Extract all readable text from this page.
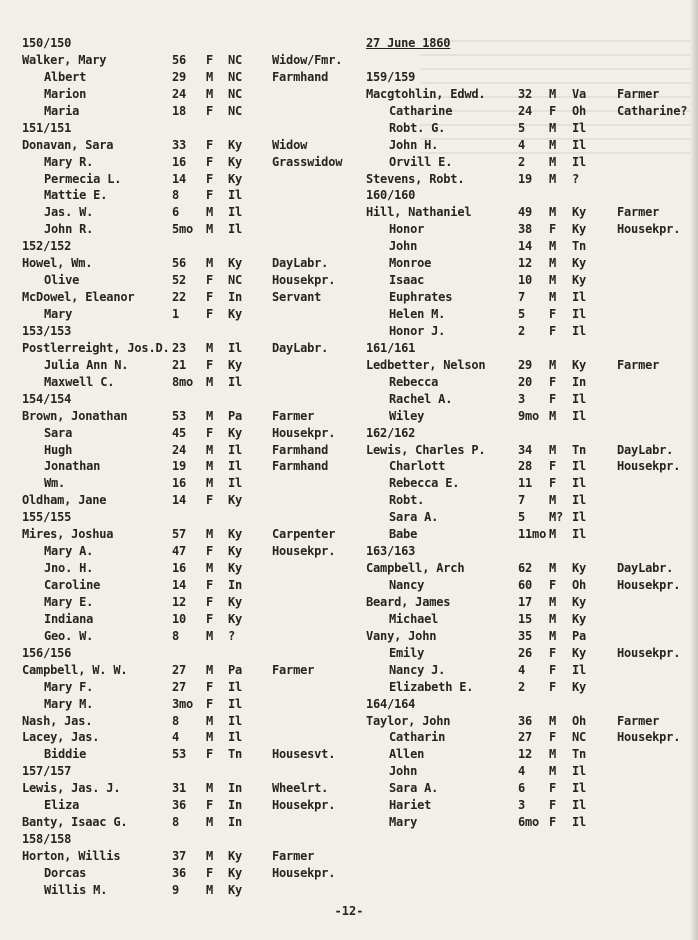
150/150
Walker, Mary	56 F NC Widow/Fmr.
Albert	29 M NC Farmhand
Marion	24 M NC
Maria	18 F NC
151/151
Donavan, Sara	33 F Ky Widow
Mary R.	16 F Ky Grasswidow
Permecia L.	14 F Ky
Mattie E.	8 F Il
Jas. W.	6 M Il
John R.	5mo M Il
152/152
Howel, Wm.	56 M Ky DayLabr.
Olive	52 F NC Housekpr.
McDowel, Eleanor	22 F In Servant
Mary	1 F Ky
153/153
Postlerreight, Jos.D. 23 M Il DayLabr.
Julia Ann N.	21 F Ky
Maxwell C.	8mo M Il
154/154
Brown, Jonathan	53 M Pa Farmer
Sara	45 F Ky Housekpr.
Hugh	24 M Il Farmhand
Jonathan	19 M Il Farmhand
Wm.	16 M Il
Oldham, Jane	14 F Ky
155/155
Mires, Joshua	57 M Ky Carpenter
Mary A.	47 F Ky Housekpr.
Jno. H.	16 M Ky
Caroline	14 F In
Mary E.	12 F Ky
Indiana	10 F Ky
Geo. W.	8 M ?
156/156
Campbell, W. W.	27 M Pa Farmer
Mary F.	27 F Il
Mary M.	3mo F Il
Nash, Jas.	8 M Il
Lacey, Jas.	4 M Il
Biddie	53 F Tn Housesvt.
157/157
Lewis, Jas. J.	31 M In Wheelrt.
Eliza	36 F In Housekpr.
Banty, Isaac G.	8 M In
158/158
Horton, Willis	37 M Ky Farmer
Dorcas	36 F Ky Housekpr.
Willis M.	9 M Ky
27 June 1860
159/159
Macgtohlin, Edwd.	32 M Va	Farmer
Catharine	24 F Oh	Catharine?
Robt. G.	5 M Il
John H.	4 M Il
Orvill E.	2 M Il
Stevens, Robt.	19 M ?
160/160
Hill, Nathaniel	49 M Ky	Farmer
Honor	38 F Ky	Housekpr.
John	14 M Tn
Monroe	12 M Ky
Isaac	10 M Ky
Euphrates	7 M Il
Helen M.	5 F Il
Honor J.	2 F Il
161/161
Ledbetter, Nelson	29 M Ky	Farmer
Rebecca	20 F In
Rachel A.	3 F Il
Wiley	9mo M Il
162/162
Lewis, Charles P.	34 M Tn	DayLabr.
Charlott	28 F Il	Housekpr.
Rebecca E.	11 F Il
Robt.	7 M Il
Sara A.	5 M? Il
Babe	11mo M Il
163/163
Campbell, Arch	62 M Ky	DayLabr.
Nancy	60 F Oh	Housekpr.
Beard, James	17 M Ky
Michael	15 M Ky
Vany, John	35 M Pa
Emily	26 F Ky	Housekpr.
Nancy J.	4 F Il
Elizabeth E.	2 F Ky
164/164
Taylor, John	36 M Oh	Farmer
Catharin	27 F NC	Housekpr.
Allen	12 M Tn
John	4 M Il
Sara A.	6 F Il
Hariet	3 F Il
Mary	6mo F Il
-12-
